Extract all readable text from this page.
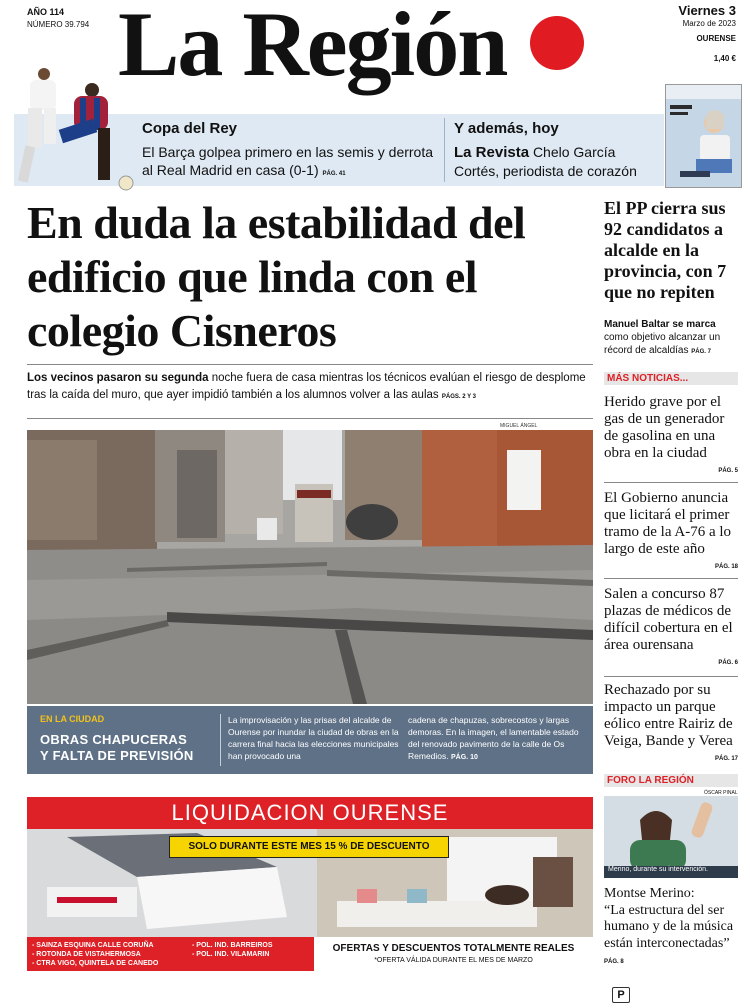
AÑO 114
NÚMERO 39.794 La Región	Viernes 3
Marzo de 2023
OURENSE
1,40 €
Copa del Rey
El Barça golpea primero en las semis y derrota al Real Madrid en casa (0-1) PÁG. 41
Y además, hoy
La Revista Chelo García Cortés, periodista de corazón
En duda la estabilidad del edificio que linda con el colegio Cisneros
Los vecinos pasaron su segunda noche fuera de casa mientras los técnicos evalúan el riesgo de desplome tras la caída del muro, que ayer impidió también a los alumnos volver a las aulas PÁGS. 2 Y 3
MIGUEL ÁNGEL
EN LA CIUDAD
OBRAS CHAPUCERAS
Y FALTA DE PREVISIÓN
La improvisación y las prisas del alcalde de Ourense por inundar la ciudad de obras en la carrera final hacia las elecciones municipales han provocado una
cadena de chapuzas, sobrecostos y largas demoras. En la imagen, el lamentable estado del renovado pavimento de la calle de Os Remedios. PÁG. 10
LIQUIDACION OURENSE
SOLO DURANTE ESTE MES 15 % DE DESCUENTO
- SAINZA ESQUINA CALLE CORUÑA
- ROTONDA DE VISTAHERMOSA
- CTRA VIGO, QUINTELA DE CANEDO
- POL. IND. BARREIROS
- POL. IND. VILAMARIN
OFERTAS Y DESCUENTOS TOTALMENTE REALES
*OFERTA VÁLIDA DURANTE EL MES DE MARZO
El PP cierra sus 92 candidatos a alcalde en la provincia, con 7 que no repiten
Manuel Baltar se marca como objetivo alcanzar un récord de alcaldías PÁG. 7
MÁS NOTICIAS...
Herido grave por el gas de un generador de gasolina en una obra en la ciudad
PÁG. 5
El Gobierno anuncia que licitará el primer tramo de la A-76 a lo largo de este año
PÁG. 18
Salen a concurso 87 plazas de médicos de difícil cobertura en el área ourensana
PÁG. 6
Rechazado por su impacto un parque eólico entre Rairiz de Veiga, Bande y Verea
PÁG. 17
FORO LA REGIÓN
ÓSCAR PINAL
Merino, durante su intervención.
Montse Merino:
“La estructura del ser humano y de la música están interconectadas” PÁG. 8
P
